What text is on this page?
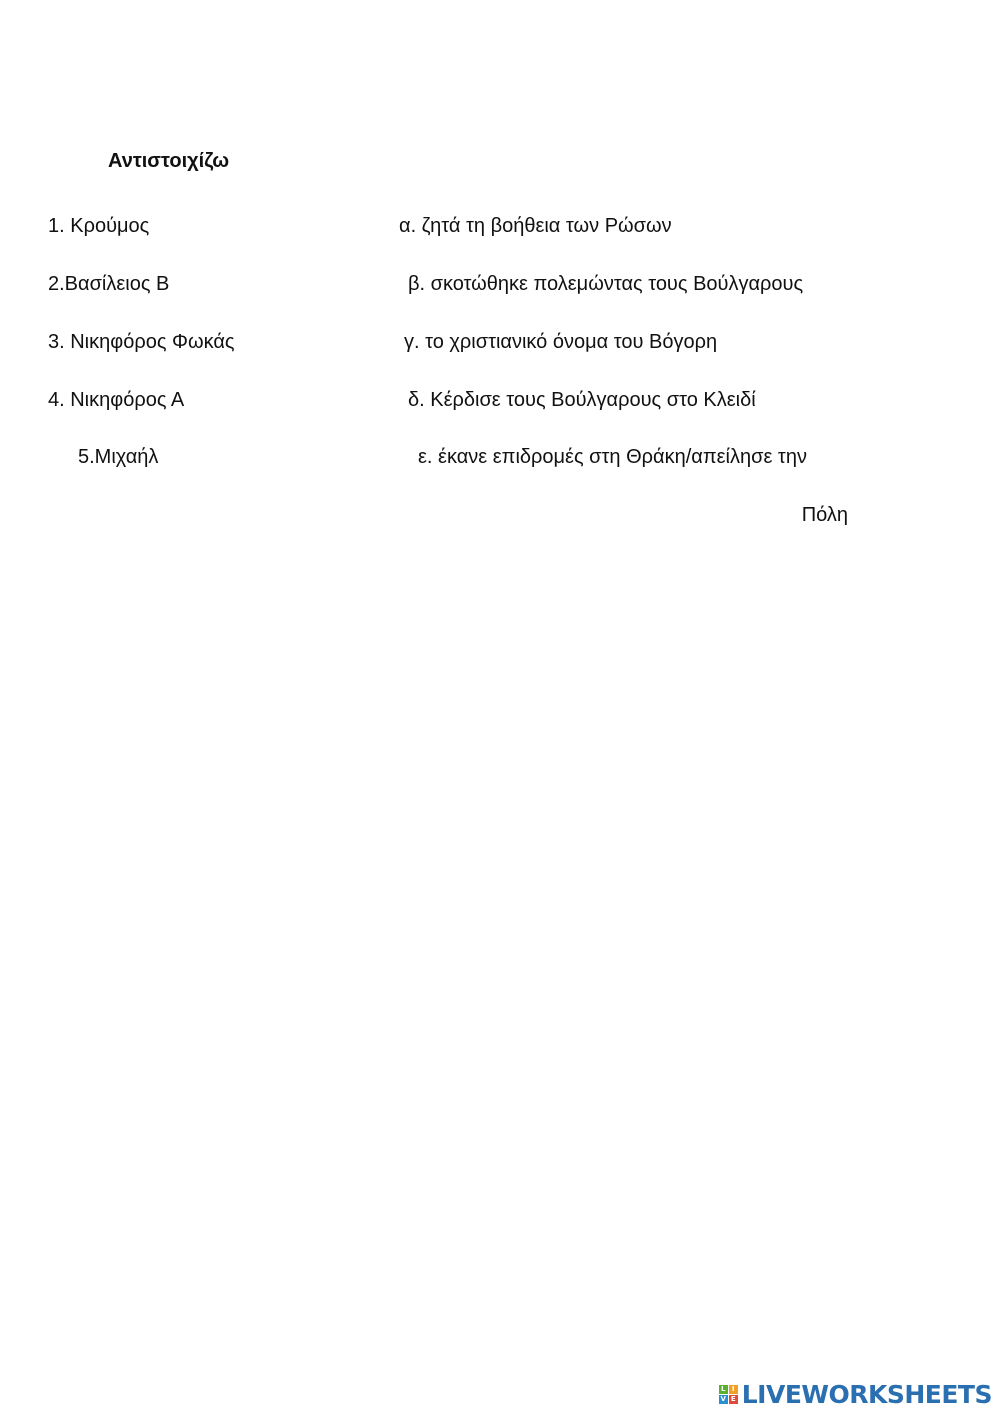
Αντιστοιχίζω
1. Κρούμος
2.Βασίλειος Β
3. Νικηφόρος Φωκάς
4. Νικηφόρος Α
5.Μιχαήλ
α. ζητά τη βοήθεια των Ρώσων
β. σκοτώθηκε πολεμώντας τους Βούλγαρους
γ. το χριστιανικό όνομα του Βόγορη
δ. Κέρδισε τους Βούλγαρους στο Κλειδί
ε. έκανε επιδρομές στη Θράκη/απείλησε την
Πόλη
L I
V E LIVEWORKSHEETS
